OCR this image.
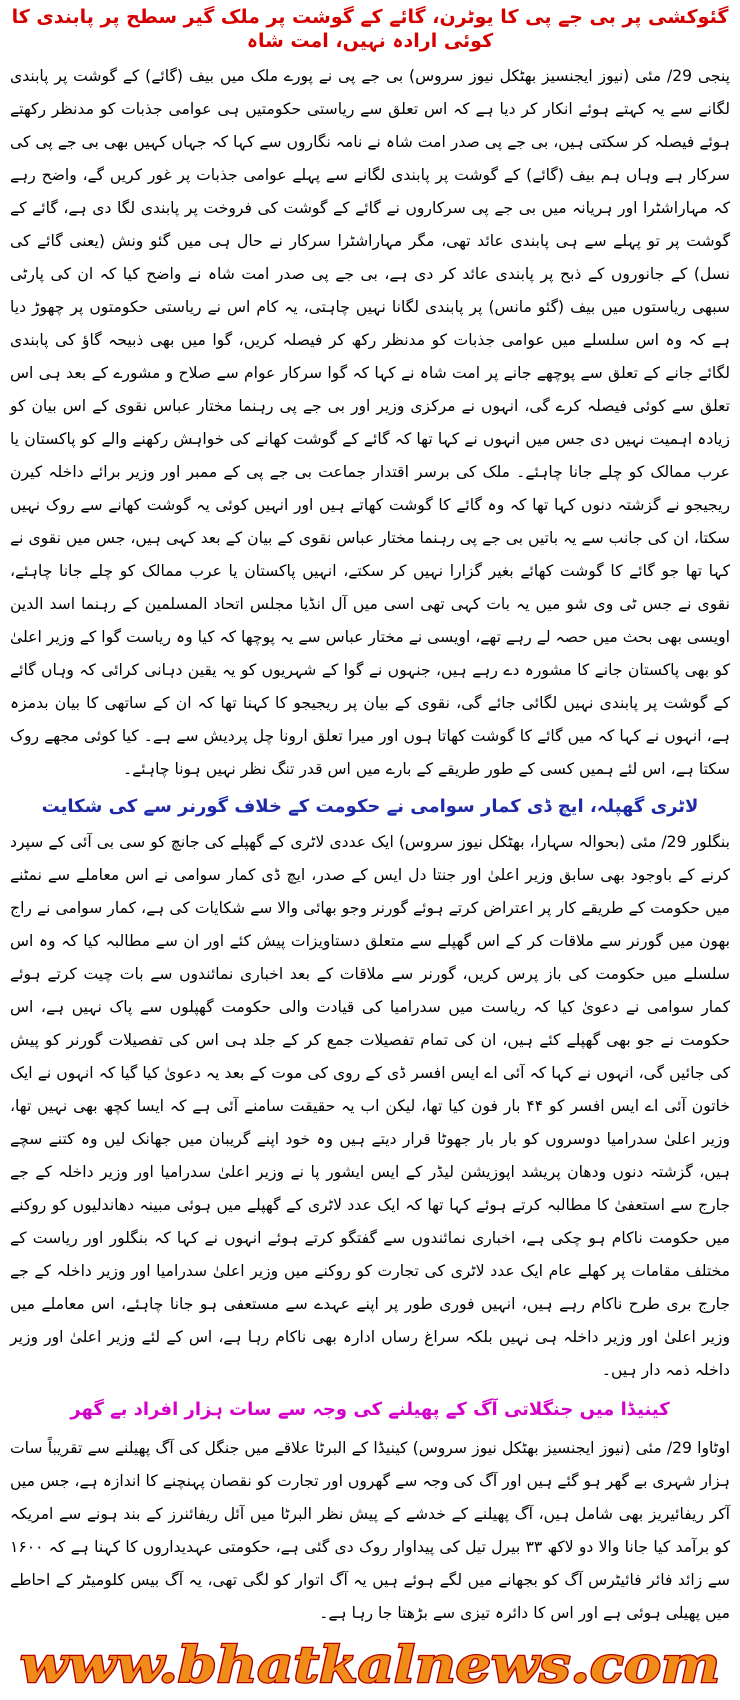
گئوکشی پر بی جے پی کا یوٹرن، گائے کے گوشت پر ملک گیر سطح پر پابندی کا کوئی ارادہ نہیں، امت شاہ

پنجی 29/ مئی (نیوز ایجنسیز بھٹکل نیوز سروس) بی جے پی نے پورے ملک میں بیف (گائے) کے گوشت پر پابندی لگانے سے یہ کہتے ہوئے انکار کر دیا ہے کہ اس تعلق سے ریاستی حکومتیں ہی عوامی جذبات کو مدنظر رکھتے ہوئے فیصلہ کر سکتی ہیں، بی جے پی صدر امت شاہ نے نامہ نگاروں سے کہا کہ جہاں کہیں بھی بی جے پی کی سرکار ہے وہاں ہم بیف (گائے) کے گوشت پر پابندی لگانے سے پہلے عوامی جذبات پر غور کریں گے، واضح رہے کہ مہاراشٹرا اور ہریانہ میں بی جے پی سرکاروں نے گائے کے گوشت کی فروخت پر پابندی لگا دی ہے، گائے کے گوشت پر تو پہلے سے ہی پابندی عائد تھی، مگر مہاراشٹرا سرکار نے حال ہی میں گئو ونش (یعنی گائے کی نسل) کے جانوروں کے ذبح پر پابندی عائد کر دی ہے، بی جے پی صدر امت شاہ نے واضح کیا کہ ان کی پارٹی سبھی ریاستوں میں بیف (گئو مانس) پر پابندی لگانا نہیں چاہتی، یہ کام اس نے ریاستی حکومتوں پر چھوڑ دیا ہے کہ وہ اس سلسلے میں عوامی جذبات کو مدنظر رکھ کر فیصلہ کریں، گوا میں بھی ذبیحہ گاؤ کی پابندی لگائے جانے کے تعلق سے پوچھے جانے پر امت شاہ نے کہا کہ گوا سرکار عوام سے صلاح و مشورے کے بعد ہی اس تعلق سے کوئی فیصلہ کرے گی، انہوں نے مرکزی وزیر اور بی جے پی رہنما مختار عباس نقوی کے اس بیان کو زیادہ اہمیت نہیں دی جس میں انہوں نے کہا تھا کہ گائے کے گوشت کھانے کی خواہش رکھنے والے کو پاکستان یا عرب ممالک کو چلے جانا چاہئے۔ ملک کی برسر اقتدار جماعت بی جے پی کے ممبر اور وزیر برائے داخلہ کیرن ریجیجو نے گزشتہ دنوں کہا تھا کہ وہ گائے کا گوشت کھاتے ہیں اور انہیں کوئی یہ گوشت کھانے سے روک نہیں سکتا، ان کی جانب سے یہ باتیں بی جے پی رہنما مختار عباس نقوی کے بیان کے بعد کہی ہیں، جس میں نقوی نے کہا تھا جو گائے کا گوشت کھائے بغیر گزارا نہیں کر سکتے، انہیں پاکستان یا عرب ممالک کو چلے جانا چاہئے، نقوی نے جس ٹی وی شو میں یہ بات کہی تھی اسی میں آل انڈیا مجلس اتحاد المسلمین کے رہنما اسد الدین اویسی بھی بحث میں حصہ لے رہے تھے، اویسی نے مختار عباس سے یہ پوچھا کہ کیا وہ ریاست گوا کے وزیر اعلیٰ کو بھی پاکستان جانے کا مشورہ دے رہے ہیں، جنہوں نے گوا کے شہریوں کو یہ یقین دہانی کرائی کہ وہاں گائے کے گوشت پر پابندی نہیں لگائی جائے گی، نقوی کے بیان پر ریجیجو کا کہنا تھا کہ ان کے ساتھی کا بیان بدمزہ ہے، انہوں نے کہا کہ میں گائے کا گوشت کھاتا ہوں اور میرا تعلق ارونا چل پردیش سے ہے۔ کیا کوئی مجھے روک سکتا ہے، اس لئے ہمیں کسی کے طور طریقے کے بارے میں اس قدر تنگ نظر نہیں ہونا چاہئے۔

لاٹری گھپلہ، ایچ ڈی کمار سوامی نے حکومت کے خلاف گورنر سے کی شکایت

بنگلور 29/ مئی (بحوالہ سہارا، بھٹکل نیوز سروس) ایک عددی لاٹری کے گھپلے کی جانچ کو سی بی آئی کے سپرد کرنے کے باوجود بھی سابق وزیر اعلیٰ اور جنتا دل ایس کے صدر، ایچ ڈی کمار سوامی نے اس معاملے سے نمٹنے میں حکومت کے طریقے کار پر اعتراض کرتے ہوئے گورنر وجو بھائی والا سے شکایات کی ہے، کمار سوامی نے راج بھون میں گورنر سے ملاقات کر کے اس گھپلے سے متعلق دستاویزات پیش کئے اور ان سے مطالبہ کیا کہ وہ اس سلسلے میں حکومت کی باز پرس کریں، گورنر سے ملاقات کے بعد اخباری نمائندوں سے بات چیت کرتے ہوئے کمار سوامی نے دعویٰ کیا کہ ریاست میں سدرامیا کی قیادت والی حکومت گھپلوں سے پاک نہیں ہے، اس حکومت نے جو بھی گھپلے کئے ہیں، ان کی تمام تفصیلات جمع کر کے جلد ہی اس کی تفصیلات گورنر کو پیش کی جائیں گی، انہوں نے کہا کہ آئی اے ایس افسر ڈی کے روی کی موت کے بعد یہ دعویٰ کیا گیا کہ انہوں نے ایک خاتون آئی اے ایس افسر کو ۴۴ بار فون کیا تھا، لیکن اب یہ حقیقت سامنے آئی ہے کہ ایسا کچھ بھی نہیں تھا، وزیر اعلیٰ سدرامیا دوسروں کو بار بار جھوٹا قرار دیتے ہیں وہ خود اپنے گریبان میں جھانک لیں وہ کتنے سچے ہیں، گزشتہ دنوں ودھان پریشد اپوزیشن لیڈر کے ایس ایشور پا نے وزیر اعلیٰ سدرامیا اور وزیر داخلہ کے جے جارج سے استعفیٰ کا مطالبہ کرتے ہوئے کہا تھا کہ ایک عدد لاٹری کے گھپلے میں ہوئی مبینہ دھاندلیوں کو روکنے میں حکومت ناکام ہو چکی ہے، اخباری نمائندوں سے گفتگو کرتے ہوئے انہوں نے کہا کہ بنگلور اور ریاست کے مختلف مقامات پر کھلے عام ایک عدد لاٹری کی تجارت کو روکنے میں وزیر اعلیٰ سدرامیا اور وزیر داخلہ کے جے جارج بری طرح ناکام رہے ہیں، انہیں فوری طور پر اپنے عہدے سے مستعفی ہو جانا چاہئے، اس معاملے میں وزیر اعلیٰ اور وزیر داخلہ ہی نہیں بلکہ سراغ رساں ادارہ بھی ناکام رہا ہے، اس کے لئے وزیر اعلیٰ اور وزیر داخلہ ذمہ دار ہیں۔

کینیڈا میں جنگلاتی آگ کے پھیلنے کی وجہ سے سات ہزار افراد بے گھر

اوٹاوا 29/ مئی (نیوز ایجنسیز بھٹکل نیوز سروس) کینیڈا کے البرٹا علاقے میں جنگل کی آگ پھیلنے سے تقریباً سات ہزار شہری بے گھر ہو گئے ہیں اور آگ کی وجہ سے گھروں اور تجارت کو نقصان پہنچنے کا اندازہ ہے، جس میں آکر ریفائیریز بھی شامل ہیں، آگ پھیلنے کے خدشے کے پیش نظر البرٹا میں آئل ریفائنرز کے بند ہونے سے امریکہ کو برآمد کیا جانا والا دو لاکھ ۳۳ بیرل تیل کی پیداوار روک دی گئی ہے، حکومتی عہدیداروں کا کہنا ہے کہ ۱۶۰۰ سے زائد فائر فائیٹرس آگ کو بجھانے میں لگے ہوئے ہیں یہ آگ اتوار کو لگی تھی، یہ آگ بیس کلومیٹر کے احاطے میں پھیلی ہوئی ہے اور اس کا دائرہ تیزی سے بڑھتا جا رہا ہے۔

www.bhatkalnews.com
